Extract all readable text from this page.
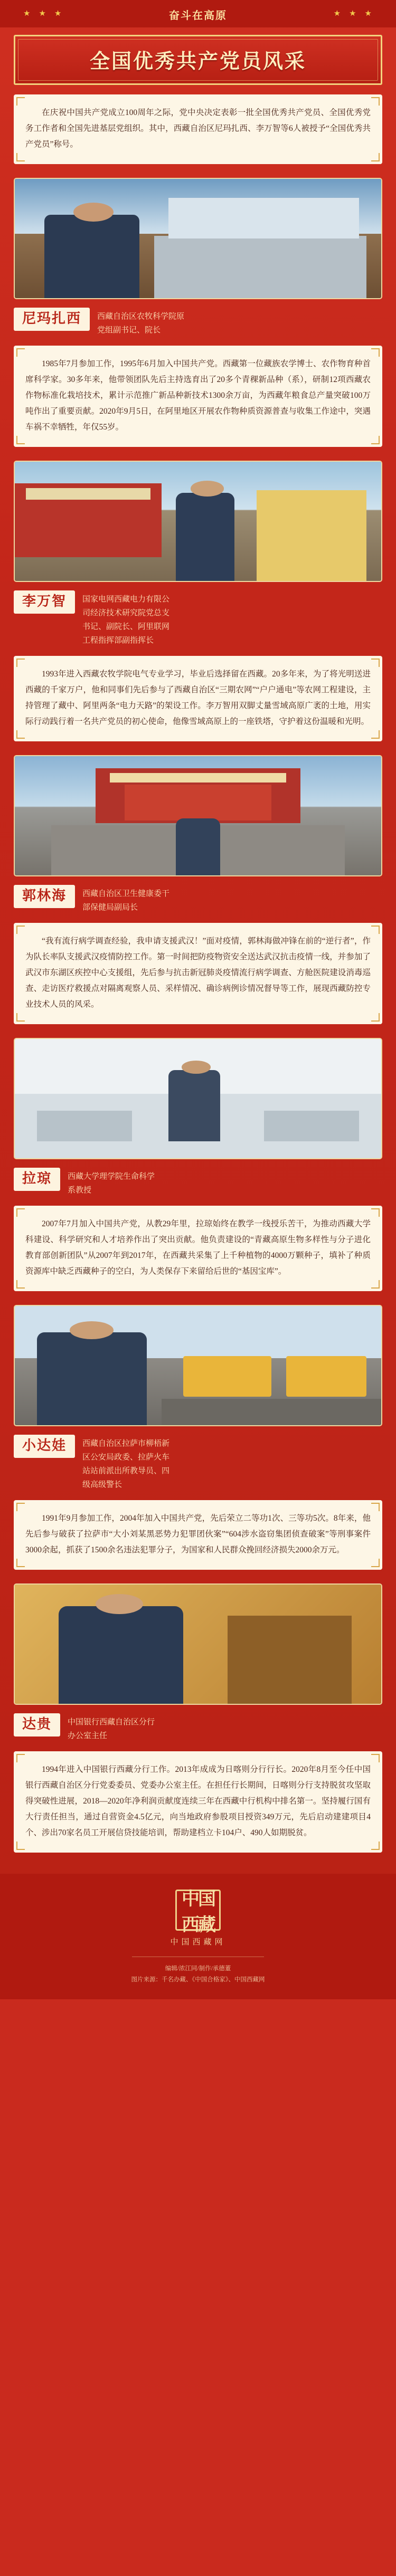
★ ★ ★	奋斗在高原	★ ★ ★
全国优秀共产党员风采

在庆祝中国共产党成立100周年之际，党中央决定表彰一批全国优秀共产党员、全国优秀党务工作者和全国先进基层党组织。其中，西藏自治区尼玛扎西、李万智等6人被授予“全国优秀共产党员”称号。

尼玛扎西	西藏自治区农牧科学院原
党组副书记、院长

1985年7月参加工作，1995年6月加入中国共产党。西藏第一位藏族农学博士、农作物育种首席科学家。30多年来，他带领团队先后主持选育出了20多个青稞新品种（系），研制12项西藏农作物标准化栽培技术，累计示范推广新品种新技术1300余万亩，为西藏年粮食总产量突破100万吨作出了重要贡献。2020年9月5日，在阿里地区开展农作物种质资源普查与收集工作途中，突遇车祸不幸牺牲，年仅55岁。

李万智	国家电网西藏电力有限公
司经济技术研究院党总支
书记、副院长、阿里联网
工程指挥部副指挥长

1993年进入西藏农牧学院电气专业学习，毕业后选择留在西藏。20多年来，为了将光明送进西藏的千家万户，他和同事们先后参与了西藏自治区“三期农网”“户户通电”等农网工程建设，主持管理了藏中、阿里两条“电力天路”的架设工作。李万智用双脚丈量雪域高原广袤的土地，用实际行动践行着一名共产党员的初心使命，他像雪域高原上的一座铁塔，守护着这份温暖和光明。

郭林海	西藏自治区卫生健康委干
部保健局副局长

“我有流行病学调查经验，我申请支援武汉！”面对疫情，郭林海做冲锋在前的“逆行者”，作为队长率队支援武汉疫情防控工作。第一时间把防疫物资安全送达武汉抗击疫情一线，并参加了武汉市东湖区疾控中心支援组，先后参与抗击新冠肺炎疫情流行病学调查、方舱医院建设消毒巡查、走访医疗救援点对隔离观察人员、采样情况、确诊病例诊情况督导等工作，展现西藏防控专业技术人员的风采。

拉琼	西藏大学理学院生命科学
系教授

2007年7月加入中国共产党，从教29年里，拉琼始终在教学一线授乐苦干，为推动西藏大学科建设、科学研究和人才培养作出了突出贡献。他负责建设的“青藏高原生物多样性与分子进化教育部创新团队”从2007年到2017年，在西藏共采集了上千种植物的4000万颗种子，填补了种质资源库中缺乏西藏种子的空白，为人类保存下来留给后世的“基因宝库”。

小达娃	西藏自治区拉萨市柳梧新
区公安局政委、拉萨火车
站站前派出所教导员、四
级高级警长

1991年9月参加工作，2004年加入中国共产党，先后荣立二等功1次、三等功5次。8年来，他先后参与破获了拉萨市“大小刘某黑恶势力犯罪团伙案”“604涉水盗窃集团侦查破案”等刑事案件3000余起，抓获了1500余名违法犯罪分子，为国家和人民群众挽回经济损失2000余万元。

达贵	中国银行西藏自治区分行
办公室主任

1994年进入中国银行西藏分行工作。2013年成成为日喀则分行行长。2020年8月至今任中国银行西藏自治区分行党委委员、党委办公室主任。在担任行长期间，日喀则分行支持脱贫攻坚取得突破性进展，2018—2020年净利润贡献度连续三年在西藏中行机构中排名第一。坚持履行国有大行责任担当，通过自营资金4.5亿元，向当地政府参股项目授资349万元，先后启动建建项目4个、涉出70家名员工开展信贷技能培训，帮助建档立卡104户、490人如期脱贫。

中国西藏
中国西藏网
编辑/浓江同/制作/承德董
图片来源：千名办藏、《中国合格家》、中国西藏网
